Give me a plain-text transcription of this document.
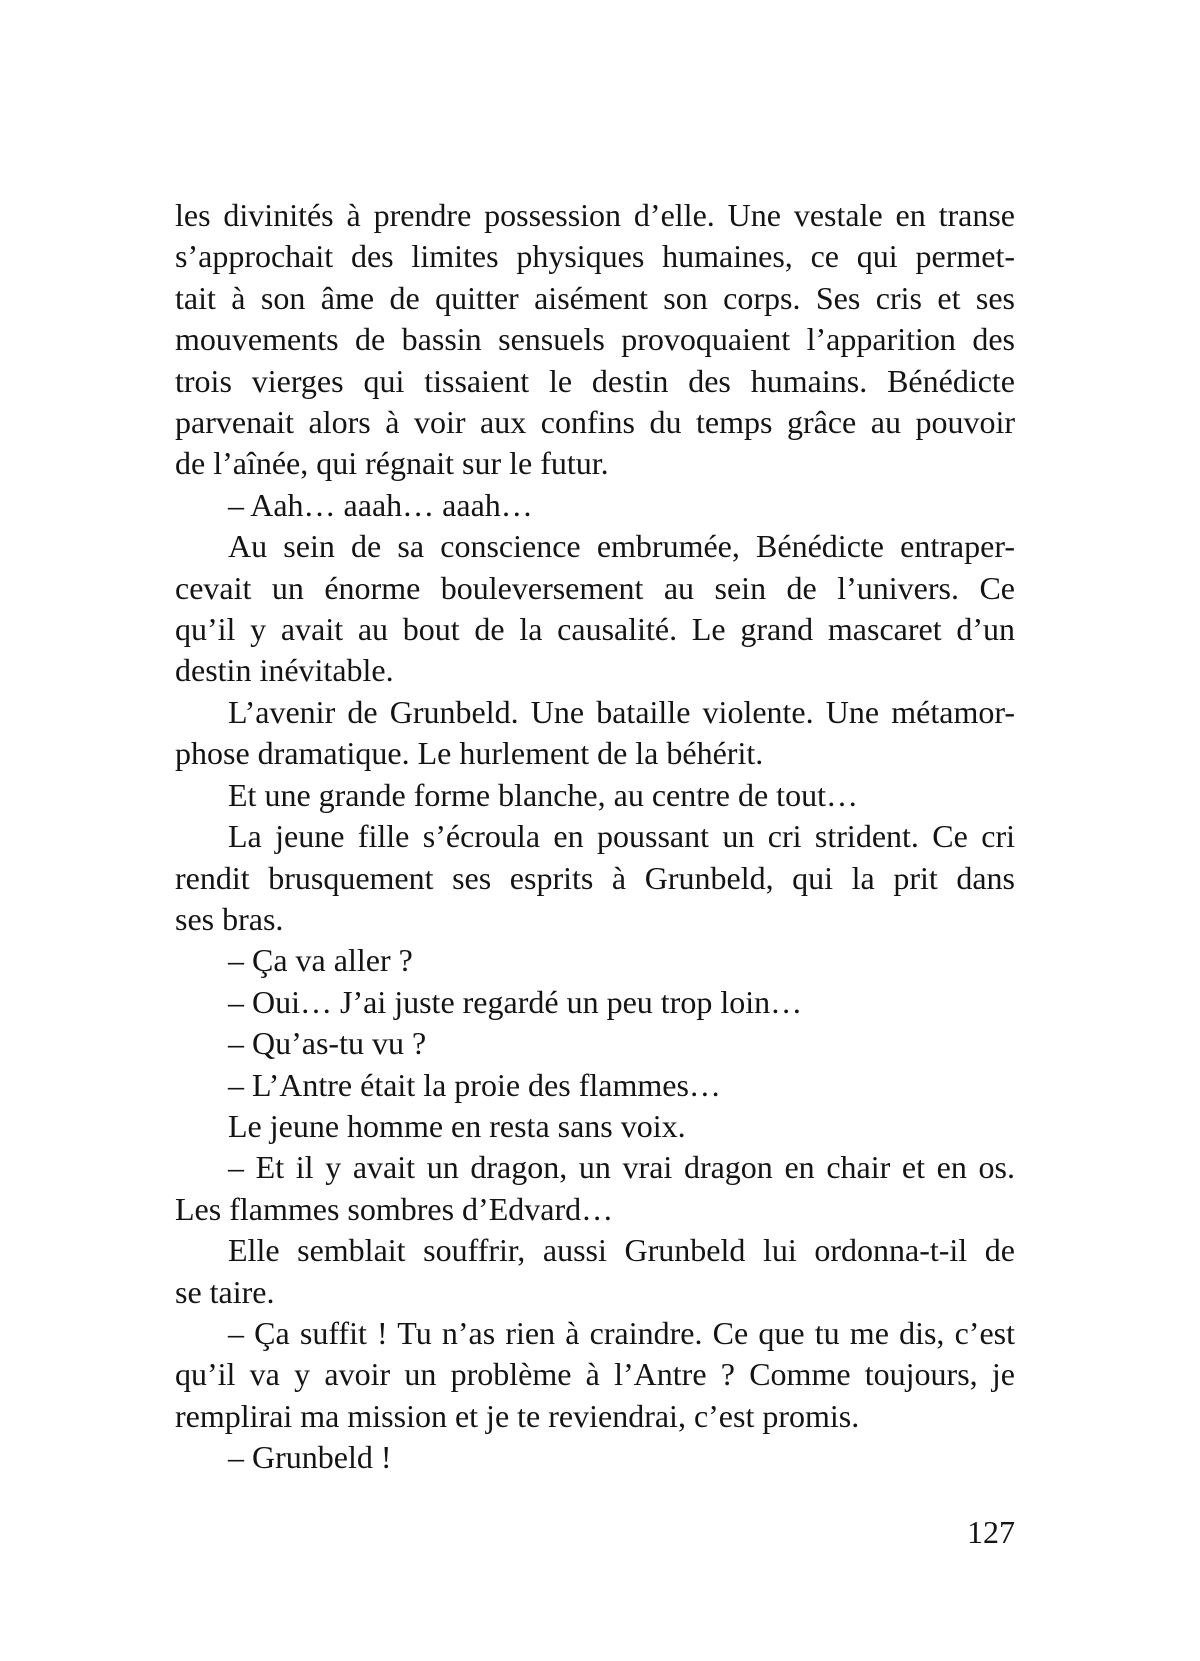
les divinités à prendre possession d’elle. Une vestale en transe
s’approchait des limites physiques humaines, ce qui permet-
tait à son âme de quitter aisément son corps. Ses cris et ses
mouvements de bassin sensuels provoquaient l’apparition des
trois vierges qui tissaient le destin des humains. Bénédicte
parvenait alors à voir aux confins du temps grâce au pouvoir
de l’aînée, qui régnait sur le futur.
– Aah… aaah… aaah…
Au sein de sa conscience embrumée, Bénédicte entraper-
cevait un énorme bouleversement au sein de l’univers. Ce
qu’il y avait au bout de la causalité. Le grand mascaret d’un
destin inévitable.
L’avenir de Grunbeld. Une bataille violente. Une métamor-
phose dramatique. Le hurlement de la béhérit.
Et une grande forme blanche, au centre de tout…
La jeune fille s’écroula en poussant un cri strident. Ce cri
rendit brusquement ses esprits à Grunbeld, qui la prit dans
ses bras.
– Ça va aller ?
– Oui… J’ai juste regardé un peu trop loin…
– Qu’as-tu vu ?
– L’Antre était la proie des flammes…
Le jeune homme en resta sans voix.
– Et il y avait un dragon, un vrai dragon en chair et en os.
Les flammes sombres d’Edvard…
Elle semblait souffrir, aussi Grunbeld lui ordonna-t-il de
se taire.
– Ça suffit ! Tu n’as rien à craindre. Ce que tu me dis, c’est
qu’il va y avoir un problème à l’Antre ? Comme toujours, je
remplirai ma mission et je te reviendrai, c’est promis.
– Grunbeld !
127
